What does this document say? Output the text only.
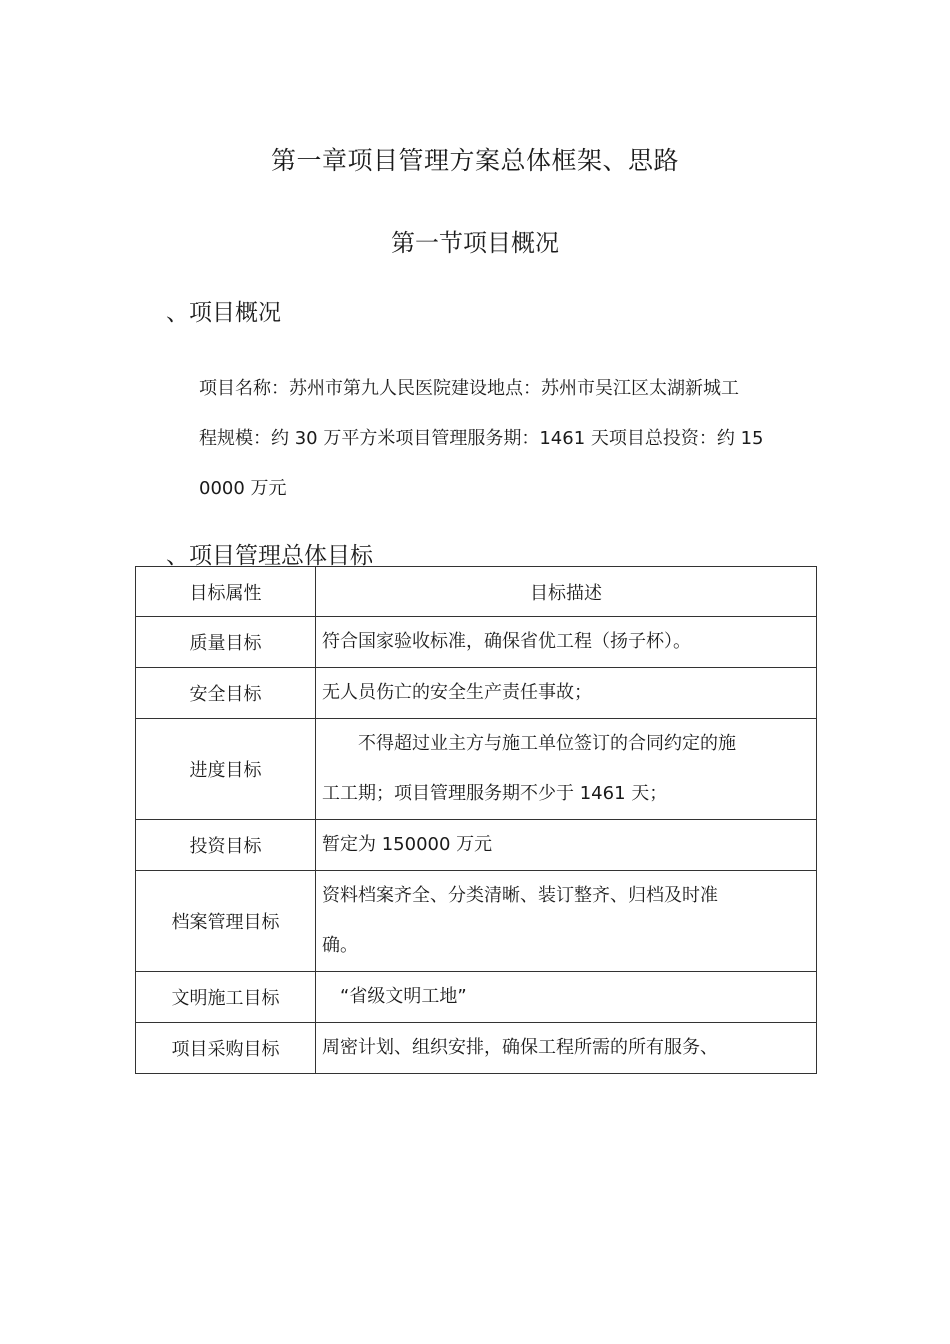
第一章项目管理方案总体框架、思路
第一节项目概况
、项目概况
项目名称：苏州市第九人民医院建设地点：苏州市吴江区太湖新城工
程规模：约 30 万平方米项目管理服务期：1461 天项目总投资：约 15
0000 万元
、项目管理总体目标
目标属性	目标描述
质量目标	符合国家验收标准，确保省优工程（扬子杯）。

安全目标	无人员伤亡的安全生产责任事故；

进度目标	　　不得超过业主方与施工单位签订的合同约定的施
工工期；项目管理服务期不少于 1461 天；

投资目标	暂定为 150000 万元

档案管理目标	资料档案齐全、分类清晰、装订整齐、归档及时准
确。

文明施工目标	　“省级文明工地”

项目采购目标	周密计划、组织安排，确保工程所需的所有服务、
